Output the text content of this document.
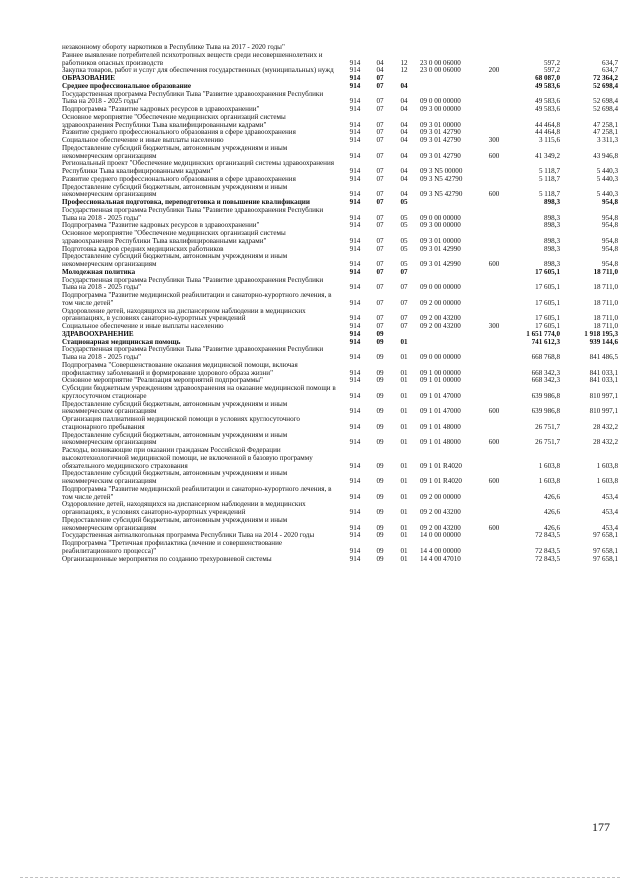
незаконному обороту наркотиков в Республике Тыва на 2017 - 2020 годы"							
Раннее выявление потребителей психотропных веществ среди несовершеннолетних и работников опасных производств	914	04	12	23 0 00 06000		597,2	634,7
Закупка товаров, работ и услуг для обеспечения государственных (муниципальных) нужд	914	04	12	23 0 00 06000	200	597,2	634,7
ОБРАЗОВАНИЕ	914	07				68 087,0	72 364,2
Среднее профессиональное образование	914	07	04			49 583,6	52 698,4
Государственная программа Республики Тыва "Развитие здравоохранения Республики Тыва на 2018 - 2025 годы"	914	07	04	09 0 00 00000		49 583,6	52 698,4
Подпрограмма "Развитие кадровых ресурсов в здравоохранении"	914	07	04	09 3 00 00000		49 583,6	52 698,4
Основное мероприятие "Обеспечение медицинских организаций системы здравоохранения Республики Тыва квалифицированными кадрами"	914	07	04	09 3 01 00000		44 464,8	47 258,1
Развитие среднего профессионального образования в сфере здравоохранения	914	07	04	09 3 01 42790		44 464,8	47 258,1
Социальное обеспечение и иные выплаты населению	914	07	04	09 3 01 42790	300	3 115,6	3 311,3
Предоставление субсидий бюджетным, автономным учреждениям и иным некоммерческим организациям	914	07	04	09 3 01 42790	600	41 349,2	43 946,8
Региональный проект "Обеспечение медицинских организаций системы здравоохранения Республики Тыва квалифицированными кадрами"	914	07	04	09 3 N5 00000		5 118,7	5 440,3
Развитие среднего профессионального образования в сфере здравоохранения	914	07	04	09 3 N5 42790		5 118,7	5 440,3
Предоставление субсидий бюджетным, автономным учреждениям и иным некоммерческим организациям	914	07	04	09 3 N5 42790	600	5 118,7	5 440,3
Профессиональная подготовка, переподготовка и повышение квалификации	914	07	05			898,3	954,8
Государственная программа Республики Тыва "Развитие здравоохранения Республики Тыва на 2018 - 2025 годы"	914	07	05	09 0 00 00000		898,3	954,8
Подпрограмма "Развитие кадровых ресурсов в здравоохранении"	914	07	05	09 3 00 00000		898,3	954,8
Основное мероприятие "Обеспечение медицинских организаций системы здравоохранения Республики Тыва квалифицированными кадрами"	914	07	05	09 3 01 00000		898,3	954,8
Подготовка кадров средних медицинских работников	914	07	05	09 3 01 42990		898,3	954,8
Предоставление субсидий бюджетным, автономным учреждениям и иным некоммерческим организациям	914	07	05	09 3 01 42990	600	898,3	954,8
Молодежная политика	914	07	07			17 605,1	18 711,0
Государственная программа Республики Тыва "Развитие здравоохранения Республики Тыва на 2018 - 2025 годы"	914	07	07	09 0 00 00000		17 605,1	18 711,0
Подпрограмма "Развитие медицинской реабилитации и санаторно-курортного лечения, в том числе детей"	914	07	07	09 2 00 00000		17 605,1	18 711,0
Оздоровление детей, находящихся на диспансерном наблюдении в медицинских организациях, в условиях санаторно-курортных учреждений	914	07	07	09 2 00 43200		17 605,1	18 711,0
Социальное обеспечение и иные выплаты населению	914	07	07	09 2 00 43200	300	17 605,1	18 711,0
ЗДРАВООХРАНЕНИЕ	914	09				1 651 774,0	1 918 195,3
Стационарная медицинская помощь	914	09	01			741 612,3	939 144,6
Государственная программа Республики Тыва "Развитие здравоохранения Республики Тыва на 2018 - 2025 годы"	914	09	01	09 0 00 00000		668 768,8	841 486,5
Подпрограмма "Совершенствование оказания медицинской помощи, включая профилактику заболеваний и формирование здорового образа жизни"	914	09	01	09 1 00 00000		668 342,3	841 033,1
Основное мероприятие "Реализация мероприятий подпрограммы"	914	09	01	09 1 01 00000		668 342,3	841 033,1
Субсидии бюджетным учреждениям здравоохранения на оказание медицинской помощи в круглосуточном стационаре	914	09	01	09 1 01 47000		639 986,8	810 997,1
Предоставление субсидий бюджетным, автономным учреждениям и иным некоммерческим организациям	914	09	01	09 1 01 47000	600	639 986,8	810 997,1
Организация паллиативной медицинской помощи в условиях круглосуточного стационарного пребывания	914	09	01	09 1 01 48000		26 751,7	28 432,2
Предоставление субсидий бюджетным, автономным учреждениям и иным некоммерческим организациям	914	09	01	09 1 01 48000	600	26 751,7	28 432,2
Расходы, возникающие при оказании гражданам Российской Федерации высокотехнологичной медицинской помощи, не включенной в базовую программу обязательного медицинского страхования	914	09	01	09 1 01 R4020		1 603,8	1 603,8
Предоставление субсидий бюджетным, автономным учреждениям и иным некоммерческим организациям	914	09	01	09 1 01 R4020	600	1 603,8	1 603,8
Подпрограмма "Развитие медицинской реабилитации и санаторно-курортного лечения, в том числе детей"	914	09	01	09 2 00 00000		426,6	453,4
Оздоровление детей, находящихся на диспансерном наблюдении в медицинских организациях, в условиях санаторно-курортных учреждений	914	09	01	09 2 00 43200		426,6	453,4
Предоставление субсидий бюджетным, автономным учреждениям и иным некоммерческим организациям	914	09	01	09 2 00 43200	600	426,6	453,4
Государственная антиалкогольная программа Республики Тыва на 2014 - 2020 годы	914	09	01	14 0 00 00000		72 843,5	97 658,1
Подпрограмма "Третичная профилактика (лечение и совершенствование реабилитационного процесса)"	914	09	01	14 4 00 00000		72 843,5	97 658,1
Организационные мероприятия по созданию трехуровневой системы	914	09	01	14 4 00 47010		72 843,5	97 658,1
177
